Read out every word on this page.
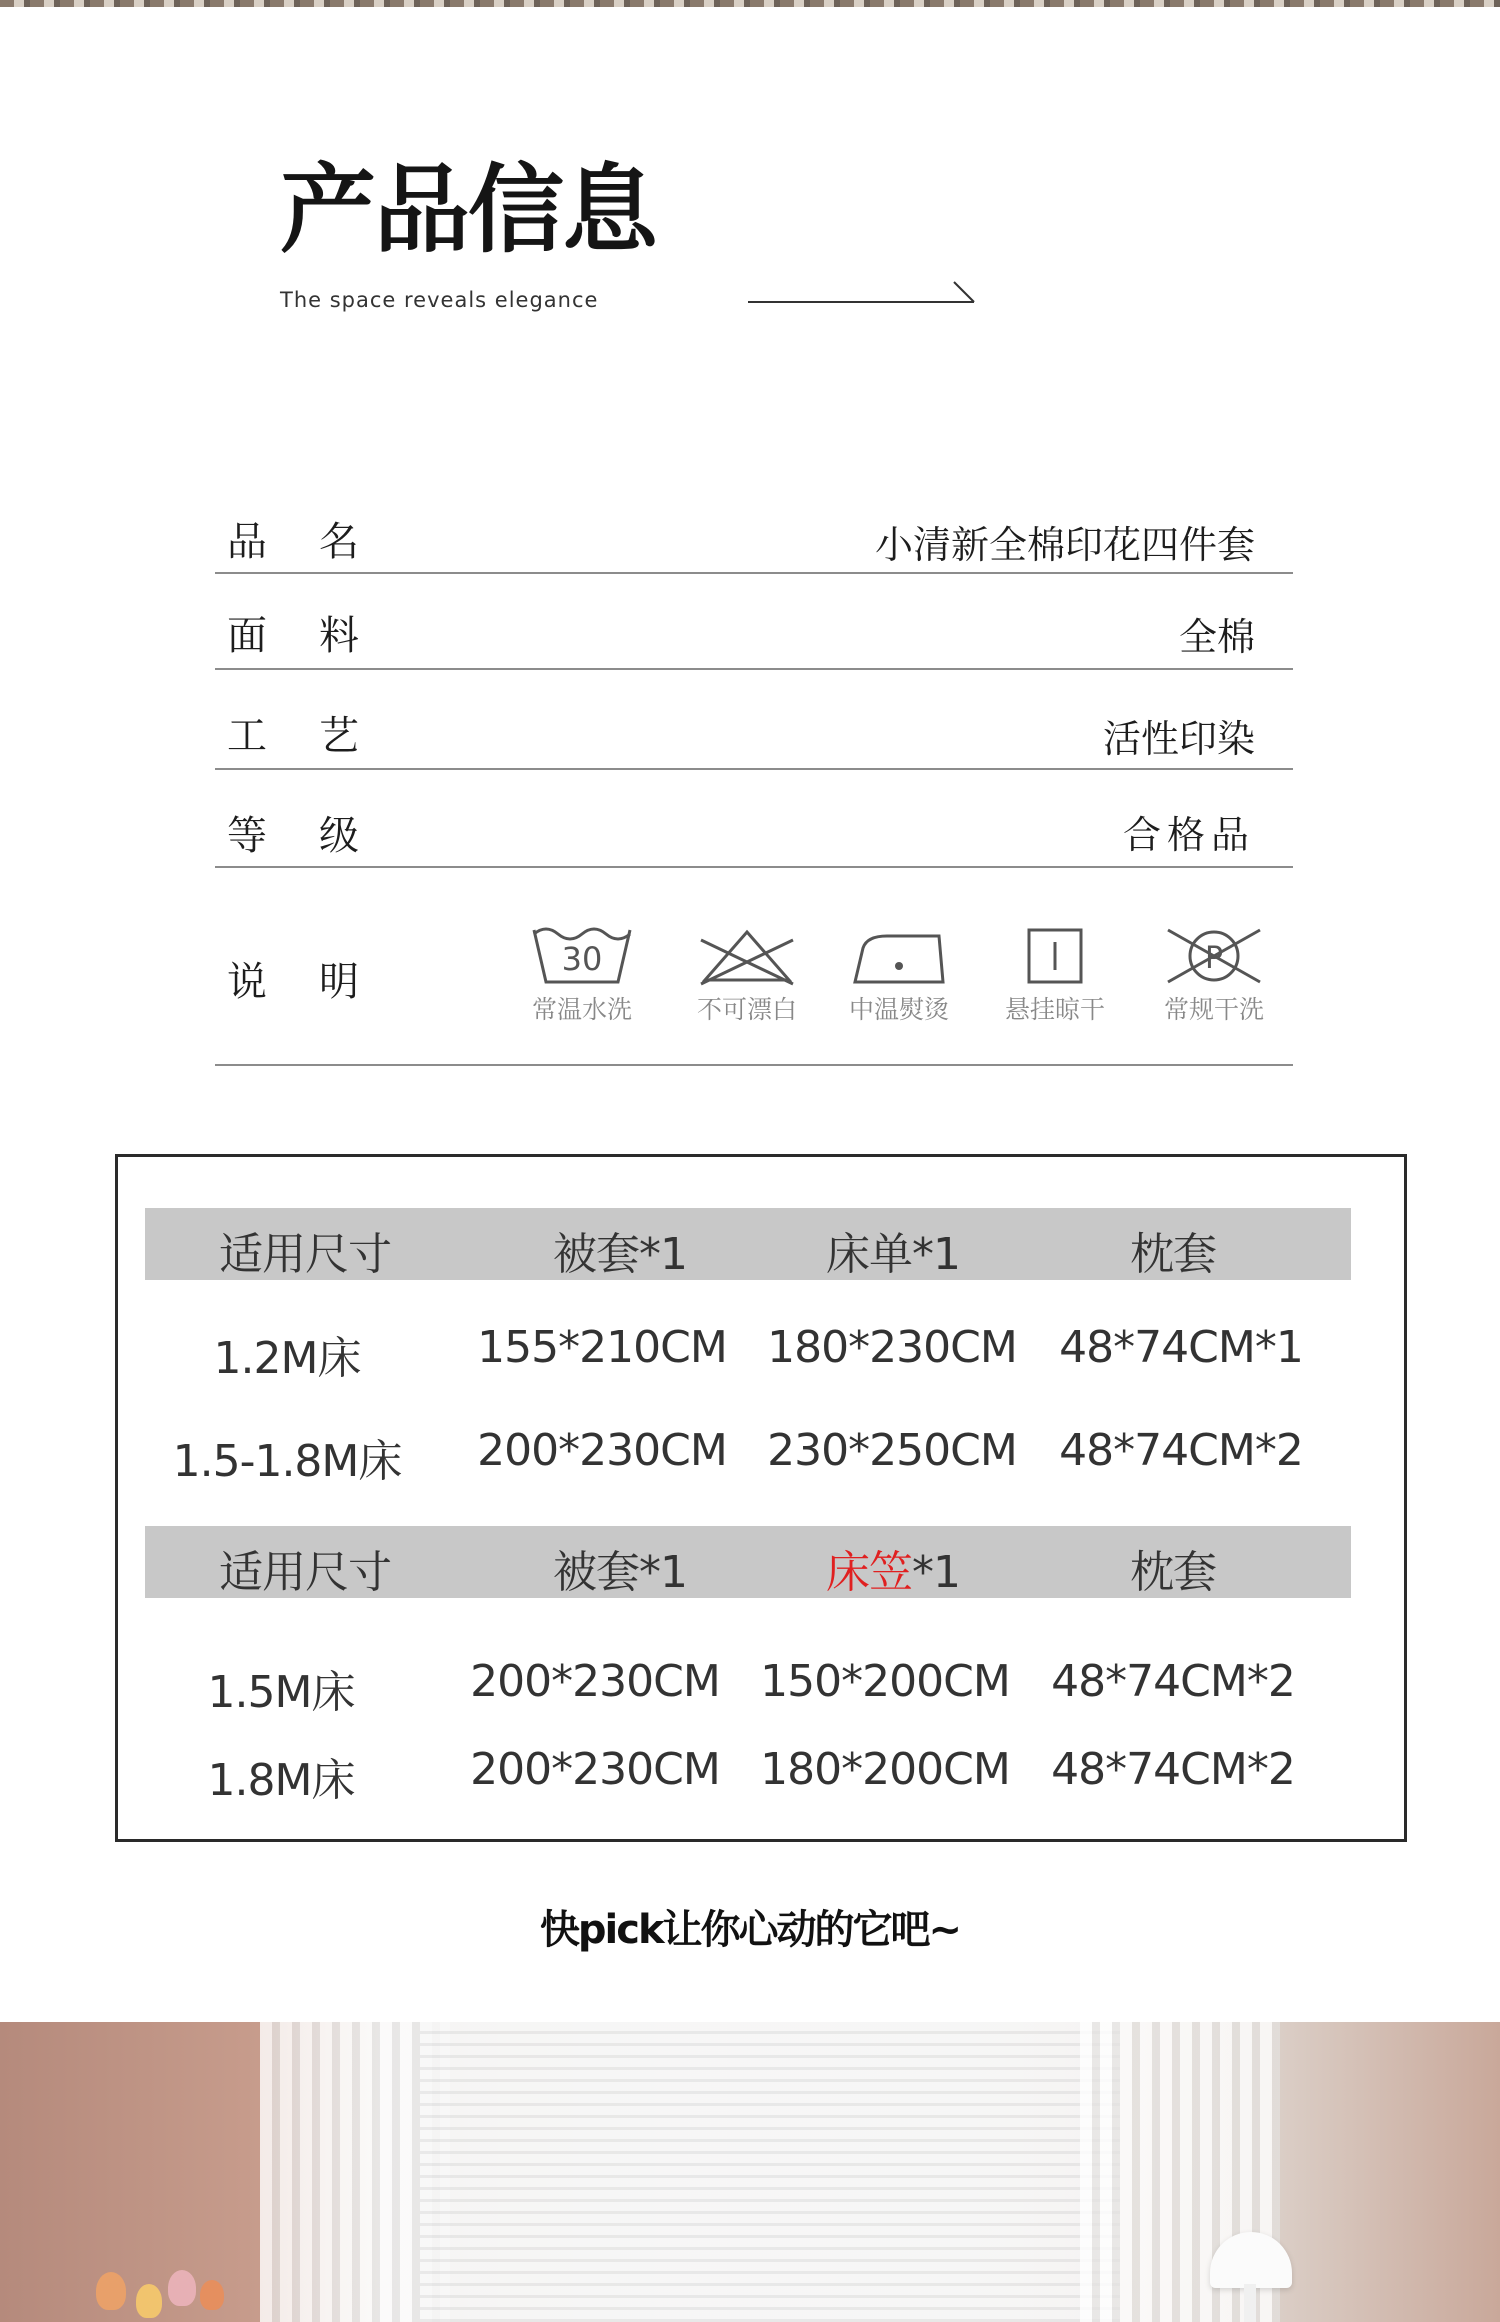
产品信息
The space reveals elegance
品名	小清新全棉印花四件套
面料	全棉
工艺	活性印染
等级	合格品
说明	30
常温水洗	不可漂白	中温熨烫	悬挂晾干
P
常规干洗
适用尺寸	被套*1	床单*1	枕套
1.2M床	155*210CM 180*230CM 48*74CM*1
1.5-1.8M床 200*230CM 230*250CM 48*74CM*2
适用尺寸	被套*1	床笠*1	枕套
1.5M床	200*230CM 150*200CM 48*74CM*2
1.8M床	200*230CM 180*200CM 48*74CM*2
快pick让你心动的它吧~
